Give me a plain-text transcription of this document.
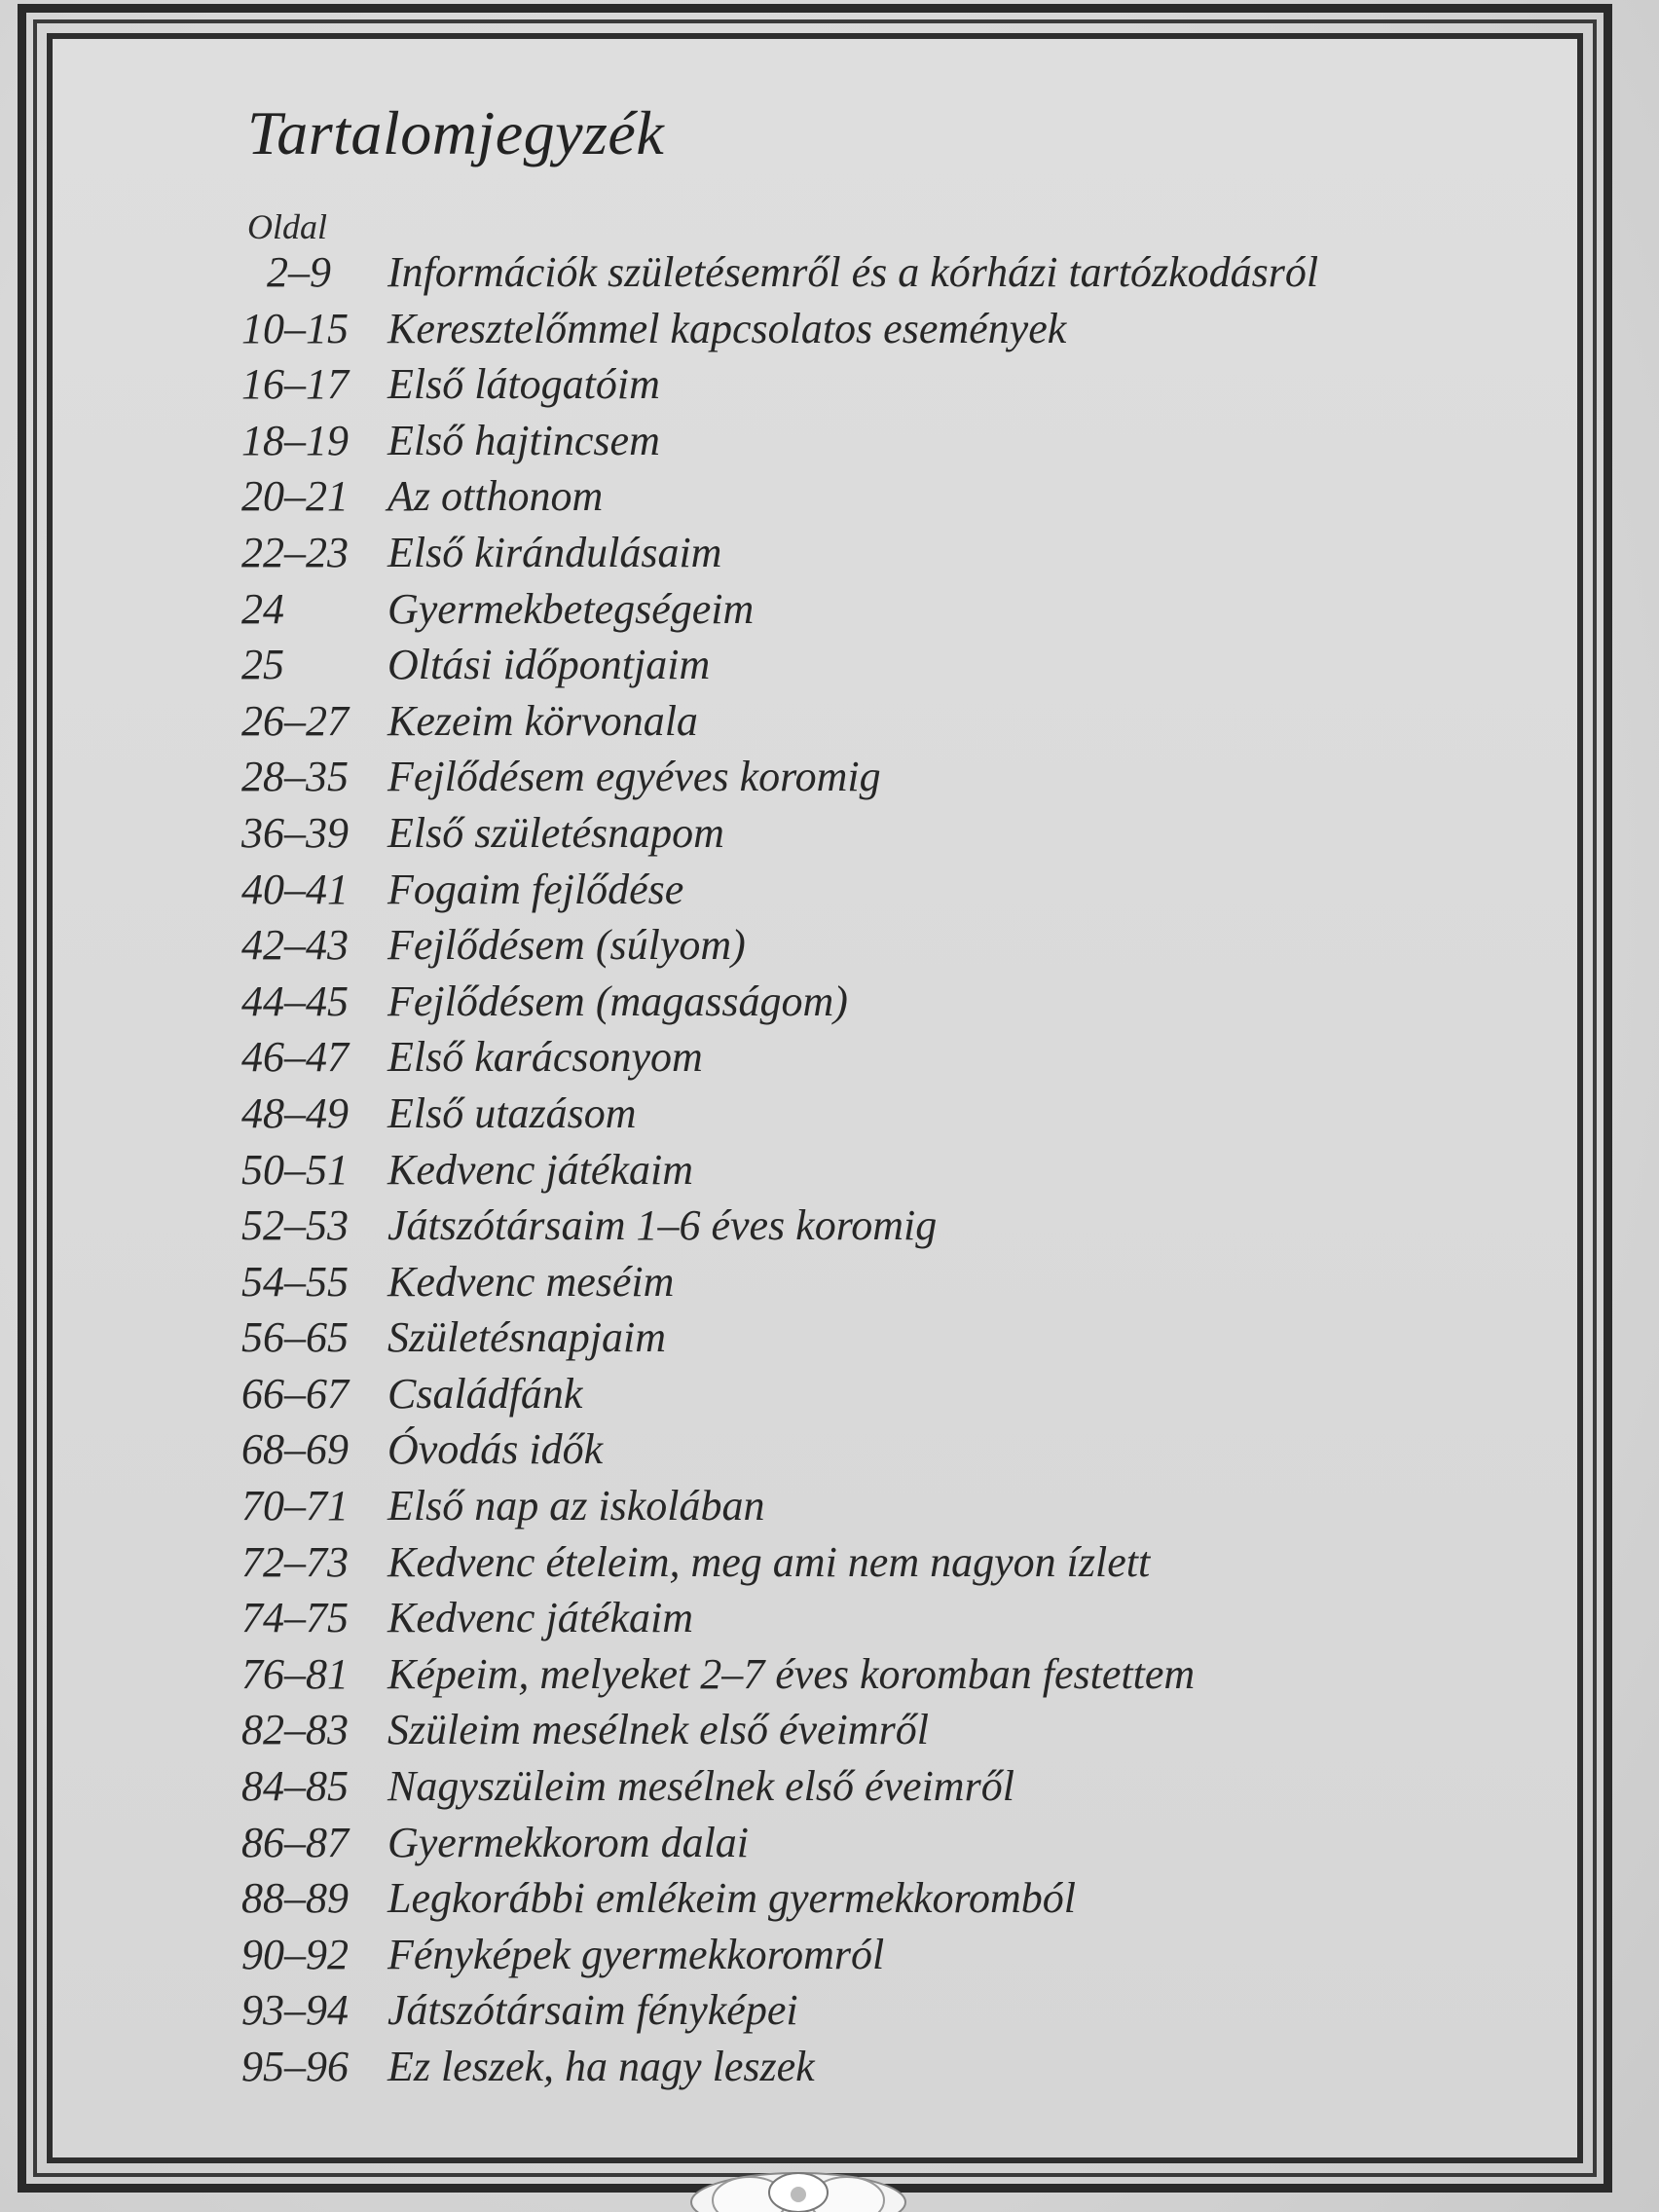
Tartalomjegyzék
Oldal
2–9	Információk születésemről és a kórházi tartózkodásról
10–15 Keresztelőmmel kapcsolatos események
16–17 Első látogatóim
18–19 Első hajtincsem
20–21 Az otthonom
22–23 Első kirándulásaim
24	Gyermekbetegségeim
25	Oltási időpontjaim
26–27 Kezeim körvonala
28–35 Fejlődésem egyéves koromig
36–39 Első születésnapom
40–41 Fogaim fejlődése
42–43 Fejlődésem (súlyom)
44–45 Fejlődésem (magasságom)
46–47 Első karácsonyom
48–49 Első utazásom
50–51 Kedvenc játékaim
52–53 Játszótársaim 1–6 éves koromig
54–55 Kedvenc meséim
56–65 Születésnapjaim
66–67 Családfánk
68–69 Óvodás idők
70–71 Első nap az iskolában
72–73 Kedvenc ételeim, meg ami nem nagyon ízlett
74–75 Kedvenc játékaim
76–81 Képeim, melyeket 2–7 éves koromban festettem
82–83 Szüleim mesélnek első éveimről
84–85 Nagyszüleim mesélnek első éveimről
86–87 Gyermekkorom dalai
88–89 Legkorábbi emlékeim gyermekkoromból
90–92 Fényképek gyermekkoromról
93–94 Játszótársaim fényképei
95–96 Ez leszek, ha nagy leszek
